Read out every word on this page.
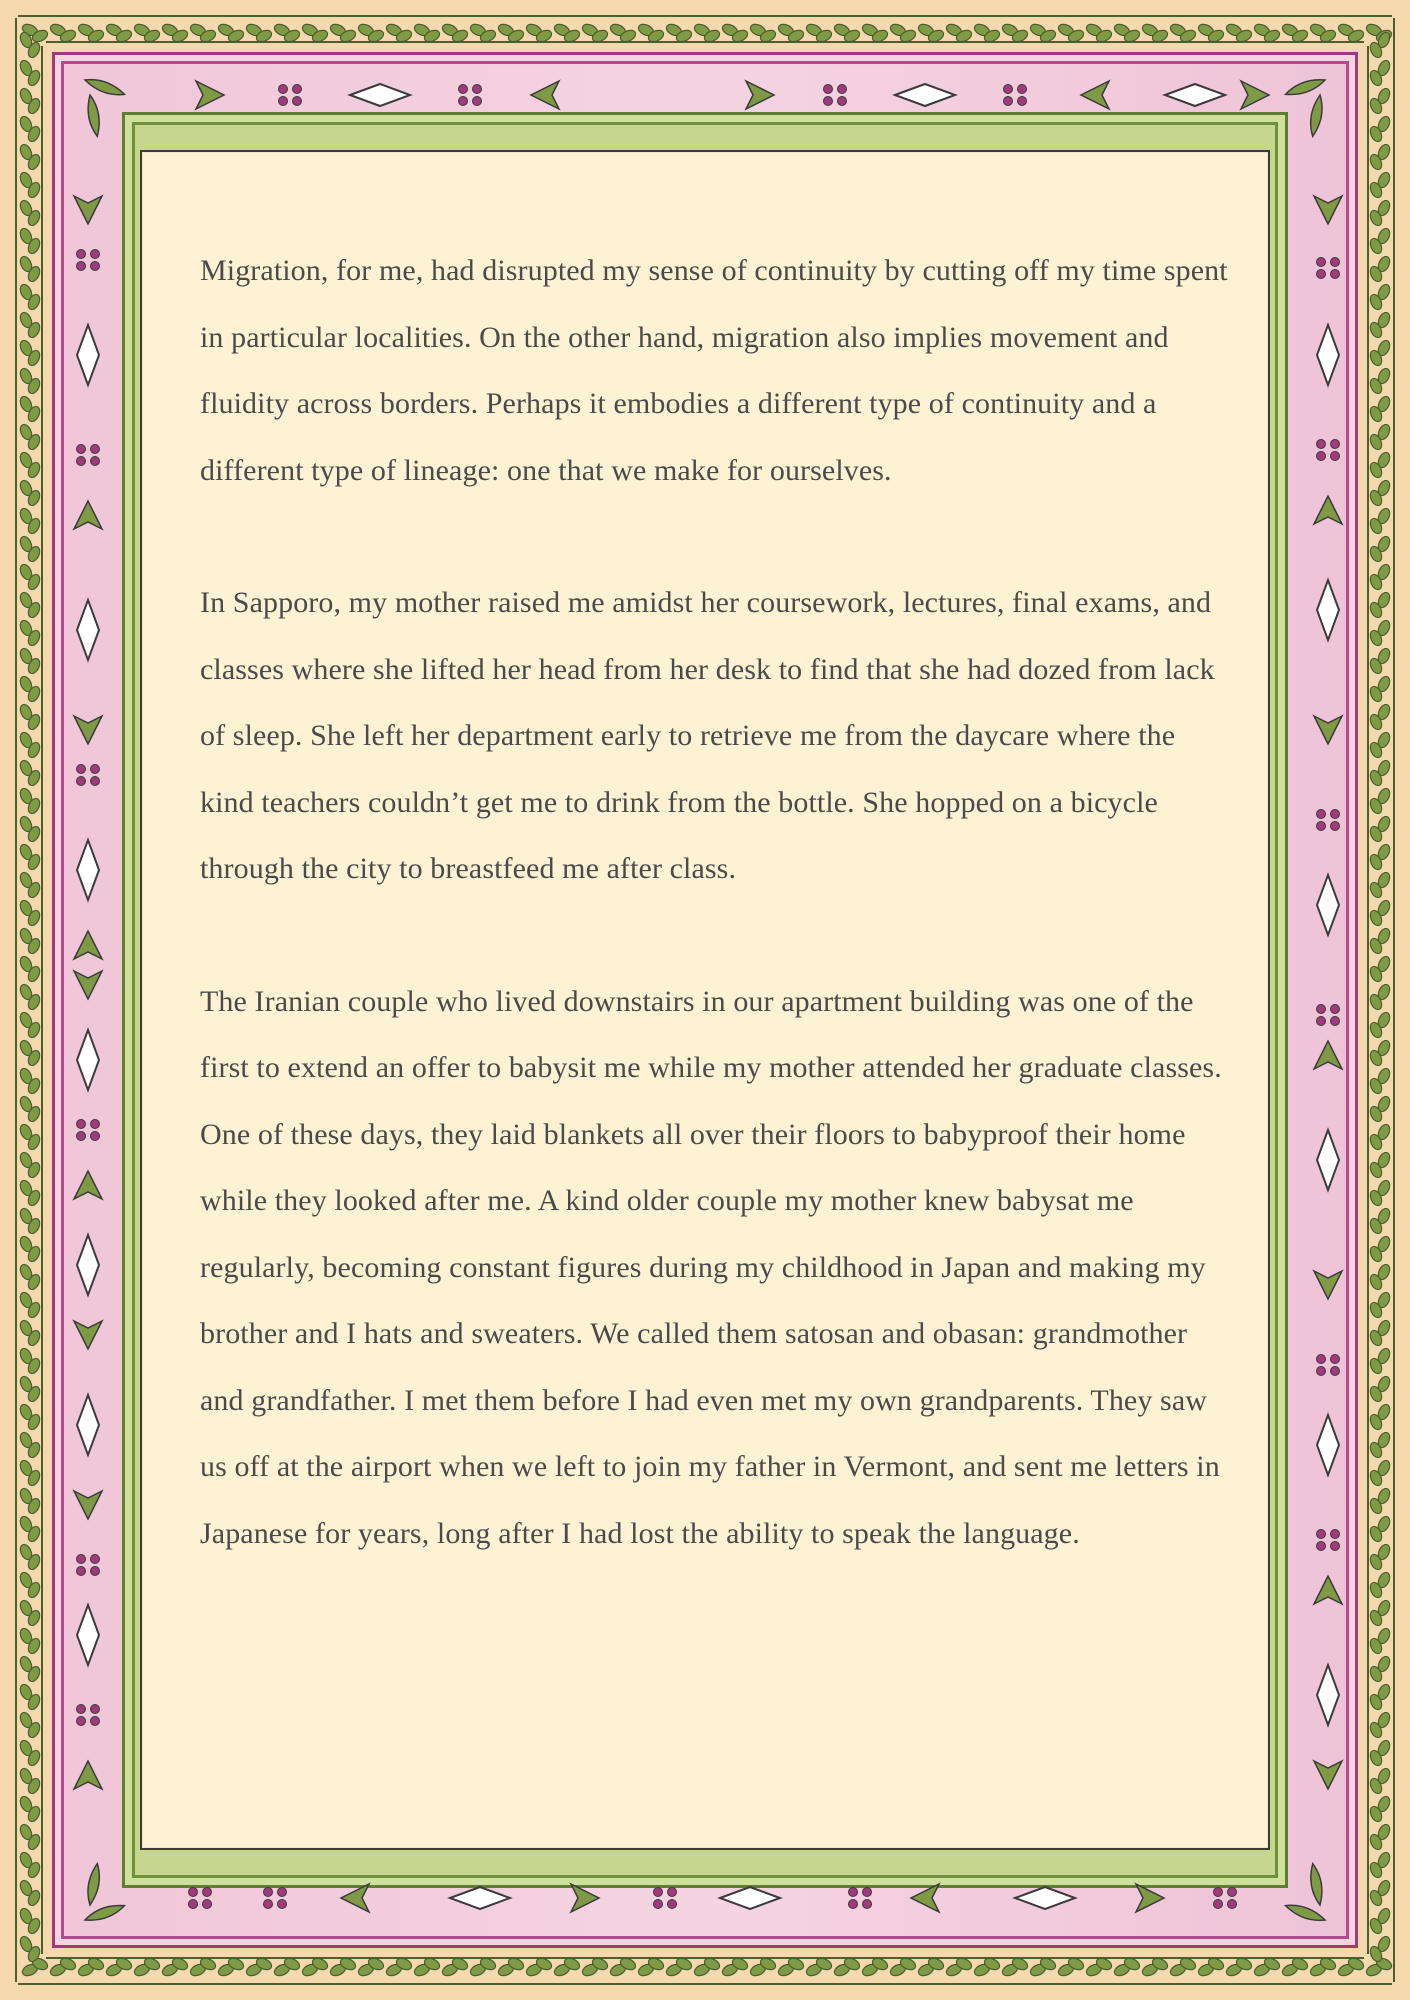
Migration, for me, had disrupted my sense of continuity by cutting off my time spent in particular localities. On the other hand, migration also implies movement and fluidity across borders. Perhaps it embodies a different type of continuity and a different type of lineage: one that we make for ourselves.

In Sapporo, my mother raised me amidst her coursework, lectures, final exams, and classes where she lifted her head from her desk to find that she had dozed from lack of sleep. She left her department early to retrieve me from the daycare where the kind teachers couldn’t get me to drink from the bottle. She hopped on a bicycle through the city to breastfeed me after class.

The Iranian couple who lived downstairs in our apartment building was one of the first to extend an offer to babysit me while my mother attended her graduate classes. One of these days, they laid blankets all over their floors to babyproof their home while they looked after me. A kind older couple my mother knew babysat me regularly, becoming constant figures during my childhood in Japan and making my brother and I hats and sweaters. We called them satosan and obasan: grandmother and grandfather. I met them before I had even met my own grandparents. They saw us off at the airport when we left to join my father in Vermont, and sent me letters in Japanese for years, long after I had lost the ability to speak the language.
